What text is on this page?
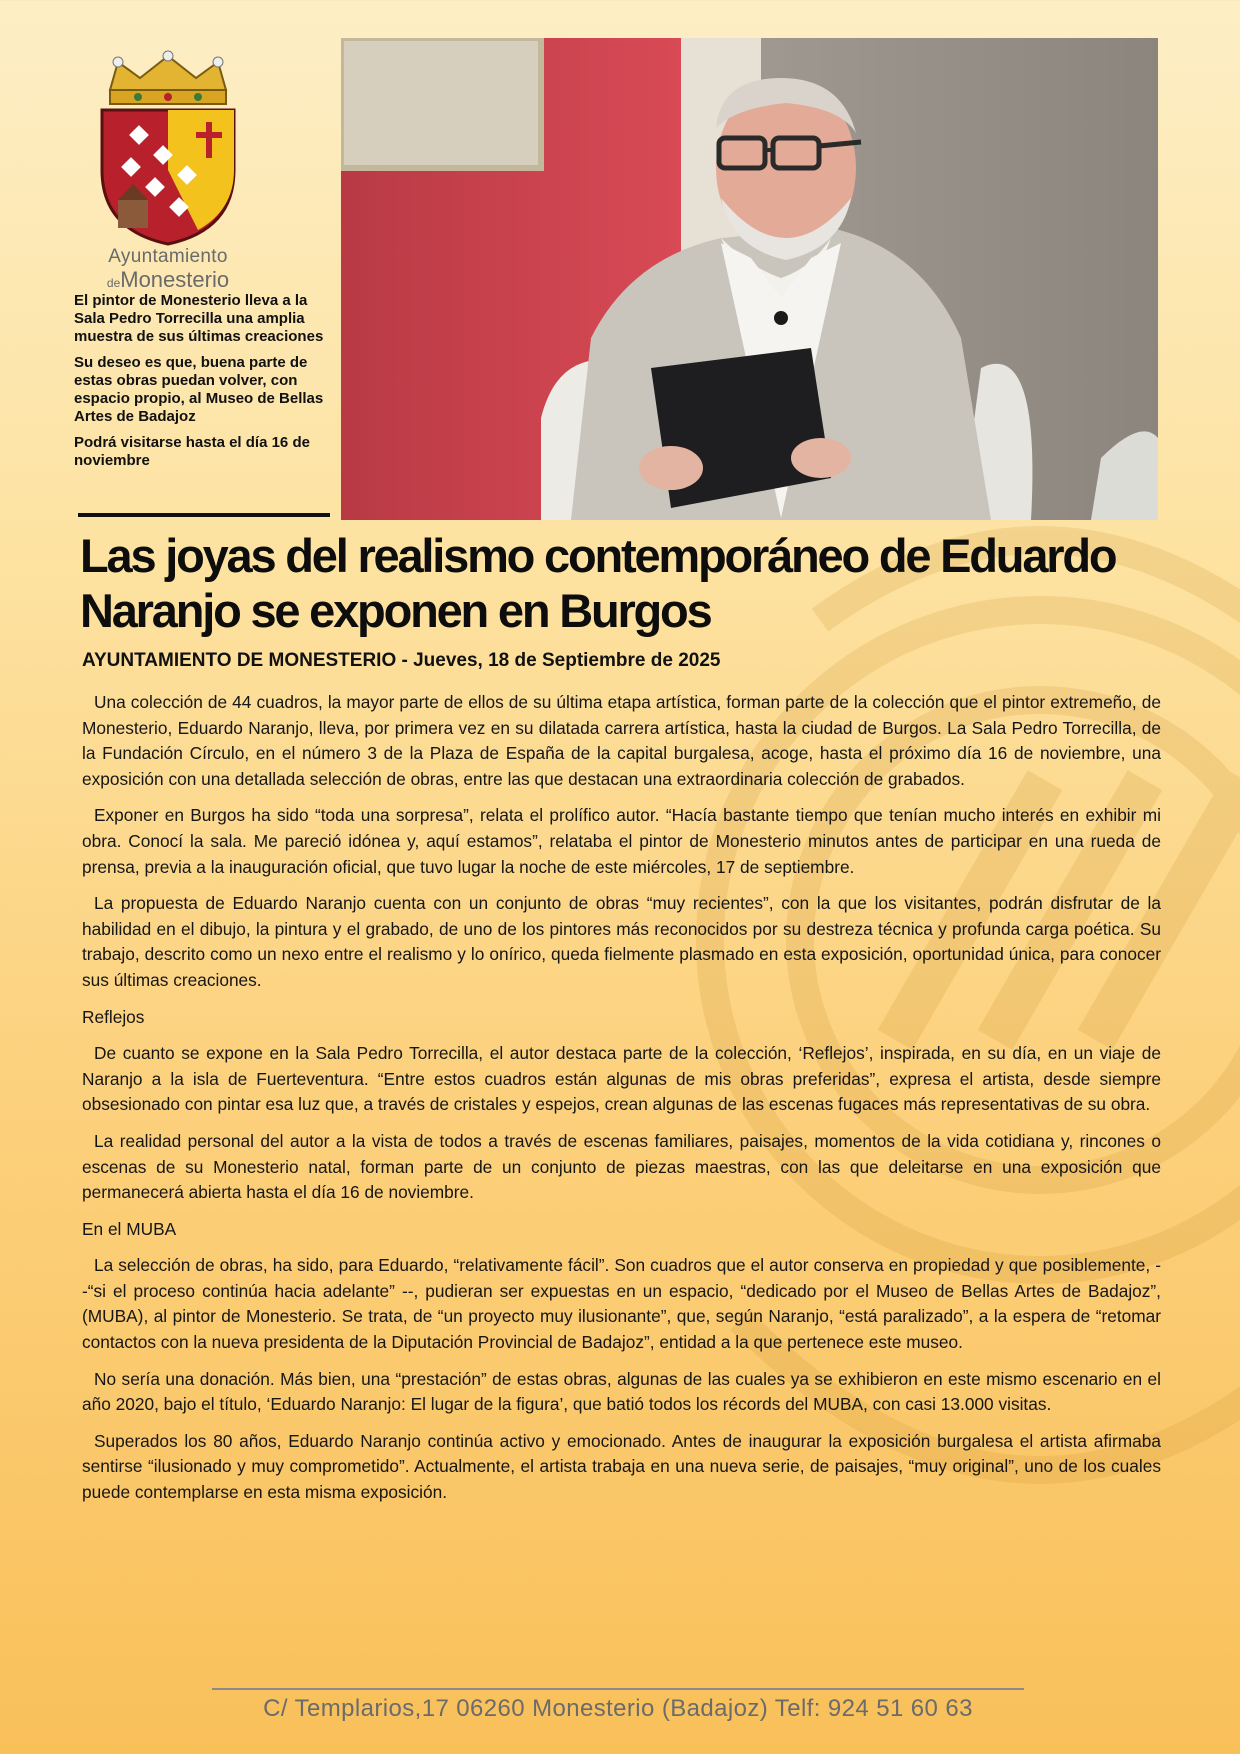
Ayuntamiento
deMonesterio

El pintor de Monesterio lleva a la Sala Pedro Torrecilla una amplia muestra de sus últimas creaciones

Su deseo es que, buena parte de estas obras puedan volver, con espacio propio, al Museo de Bellas Artes de Badajoz

Podrá visitarse hasta el día 16 de noviembre

Las joyas del realismo contemporáneo de Eduardo Naranjo se exponen en Burgos
AYUNTAMIENTO DE MONESTERIO - Jueves, 18 de Septiembre de 2025

Una colección de 44 cuadros, la mayor parte de ellos de su última etapa artística, forman parte de la colección que el pintor extremeño, de Monesterio, Eduardo Naranjo, lleva, por primera vez en su dilatada carrera artística, hasta la ciudad de Burgos. La Sala Pedro Torrecilla, de la Fundación Círculo, en el número 3 de la Plaza de España de la capital burgalesa, acoge, hasta el próximo día 16 de noviembre, una exposición con una detallada selección de obras, entre las que destacan una extraordinaria colección de grabados.

Exponer en Burgos ha sido “toda una sorpresa”, relata el prolífico autor. “Hacía bastante tiempo que tenían mucho interés en exhibir mi obra. Conocí la sala. Me pareció idónea y, aquí estamos”, relataba el pintor de Monesterio minutos antes de participar en una rueda de prensa, previa a la inauguración oficial, que tuvo lugar la noche de este miércoles, 17 de septiembre.

La propuesta de Eduardo Naranjo cuenta con un conjunto de obras “muy recientes”, con la que los visitantes, podrán disfrutar de la habilidad en el dibujo, la pintura y el grabado, de uno de los pintores más reconocidos por su destreza técnica y profunda carga poética. Su trabajo, descrito como un nexo entre el realismo y lo onírico, queda fielmente plasmado en esta exposición, oportunidad única, para conocer sus últimas creaciones.

Reflejos

De cuanto se expone en la Sala Pedro Torrecilla, el autor destaca parte de la colección, ‘Reflejos’, inspirada, en su día, en un viaje de Naranjo a la isla de Fuerteventura. “Entre estos cuadros están algunas de mis obras preferidas”, expresa el artista, desde siempre obsesionado con pintar esa luz que, a través de cristales y espejos, crean algunas de las escenas fugaces más representativas de su obra.

La realidad personal del autor a la vista de todos a través de escenas familiares, paisajes, momentos de la vida cotidiana y, rincones o escenas de su Monesterio natal, forman parte de un conjunto de piezas maestras, con las que deleitarse en una exposición que permanecerá abierta hasta el día 16 de noviembre.

En el MUBA

La selección de obras, ha sido, para Eduardo, “relativamente fácil”. Son cuadros que el autor conserva en propiedad y que posiblemente, --“si el proceso continúa hacia adelante” --, pudieran ser expuestas en un espacio, “dedicado por el Museo de Bellas Artes de Badajoz”, (MUBA), al pintor de Monesterio. Se trata, de “un proyecto muy ilusionante”, que, según Naranjo, “está paralizado”, a la espera de “retomar contactos con la nueva presidenta de la Diputación Provincial de Badajoz”, entidad a la que pertenece este museo.

No sería una donación. Más bien, una “prestación” de estas obras, algunas de las cuales ya se exhibieron en este mismo escenario en el año 2020, bajo el título, ‘Eduardo Naranjo: El lugar de la figura’, que batió todos los récords del MUBA, con casi 13.000 visitas.

Superados los 80 años, Eduardo Naranjo continúa activo y emocionado. Antes de inaugurar la exposición burgalesa el artista afirmaba sentirse “ilusionado y muy comprometido”. Actualmente, el artista trabaja en una nueva serie, de paisajes, “muy original”, uno de los cuales puede contemplarse en esta misma exposición.

C/ Templarios,17 06260 Monesterio (Badajoz) Telf: 924 51 60 63
